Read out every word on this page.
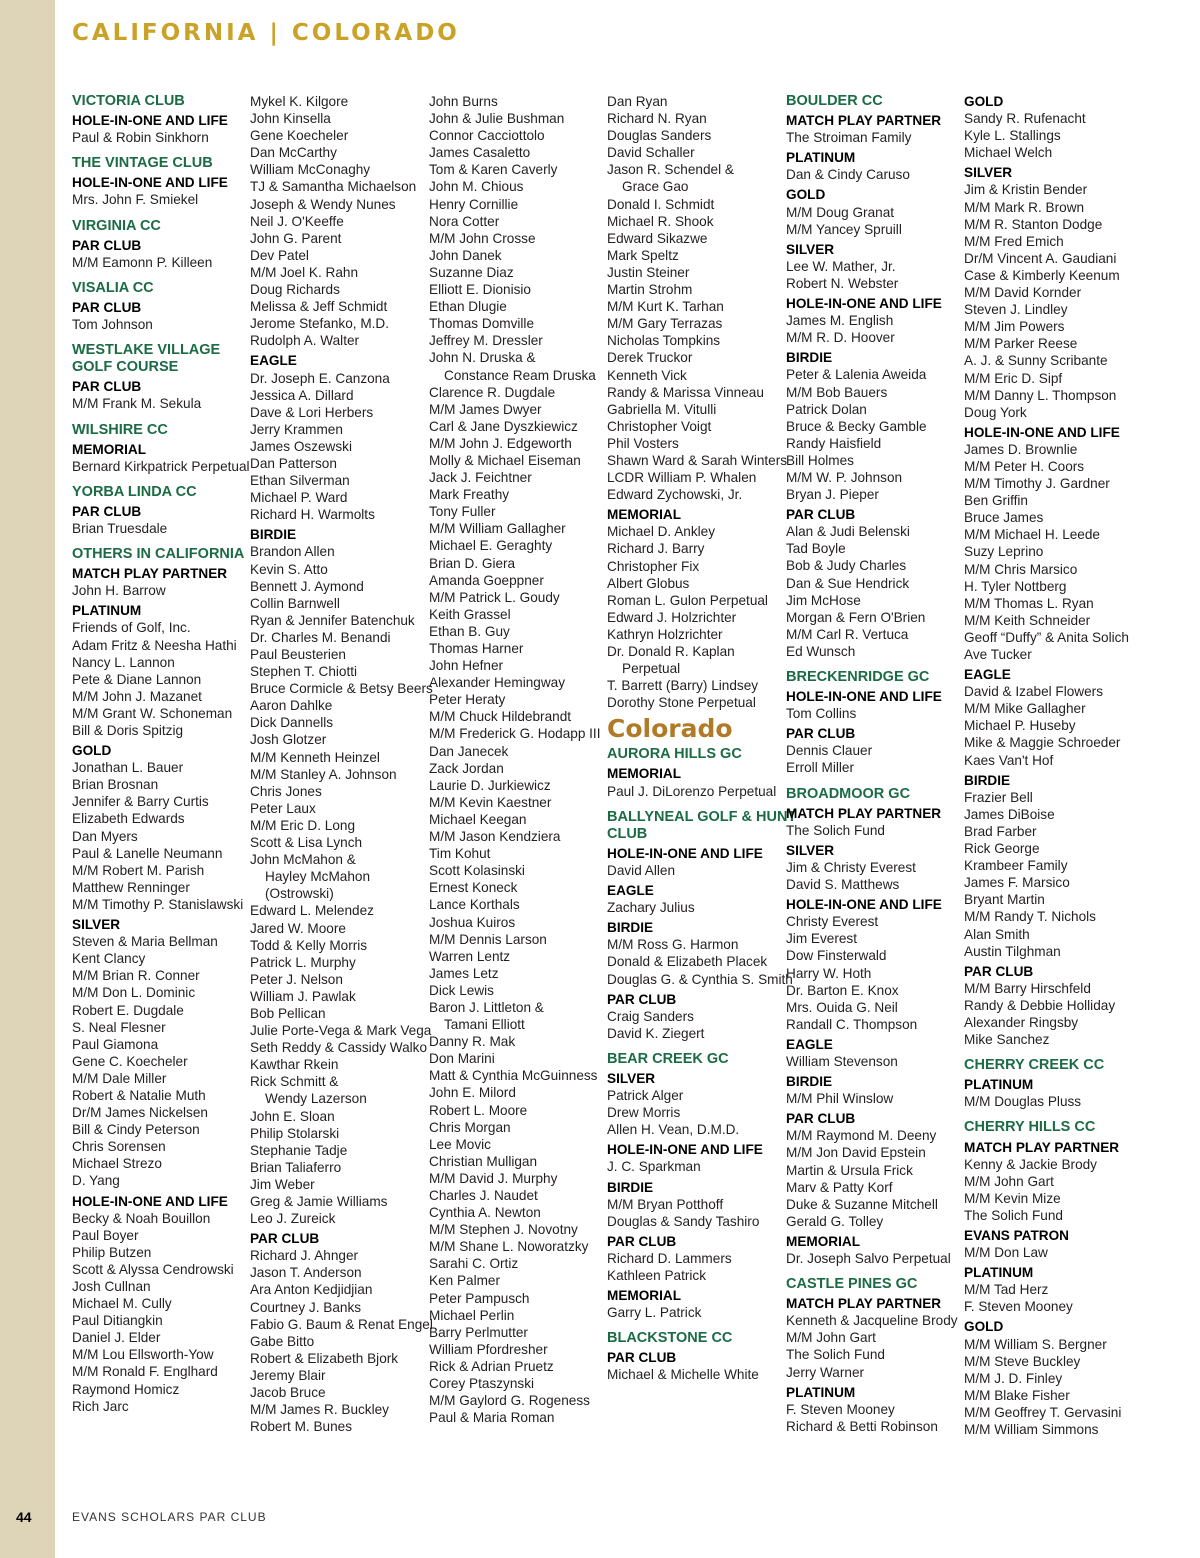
CALIFORNIA | COLORADO
VICTORIA CLUB
HOLE-IN-ONE AND LIFE
Paul & Robin Sinkhorn
THE VINTAGE CLUB
HOLE-IN-ONE AND LIFE
Mrs. John F. Smiekel
VIRGINIA CC
PAR CLUB
M/M Eamonn P. Killeen
VISALIA CC
PAR CLUB
Tom Johnson
WESTLAKE VILLAGE
GOLF COURSE
PAR CLUB
M/M Frank M. Sekula
WILSHIRE CC
MEMORIAL
Bernard Kirkpatrick Perpetual
YORBA LINDA CC
PAR CLUB
Brian Truesdale
OTHERS IN CALIFORNIA
MATCH PLAY PARTNER
John H. Barrow
PLATINUM
Friends of Golf, Inc.
Adam Fritz & Neesha Hathi
Nancy L. Lannon
Pete & Diane Lannon
M/M John J. Mazanet
M/M Grant W. Schoneman
Bill & Doris Spitzig
GOLD
Jonathan L. Bauer
Brian Brosnan
Jennifer & Barry Curtis
Elizabeth Edwards
Dan Myers
Paul & Lanelle Neumann
M/M Robert M. Parish
Matthew Renninger
M/M Timothy P. Stanislawski
SILVER
Steven & Maria Bellman
Kent Clancy
M/M Brian R. Conner
M/M Don L. Dominic
Robert E. Dugdale
S. Neal Flesner
Paul Giamona
Gene C. Koecheler
M/M Dale Miller
Robert & Natalie Muth
Dr/M James Nickelsen
Bill & Cindy Peterson
Chris Sorensen
Michael Strezo
D. Yang
HOLE-IN-ONE AND LIFE
Becky & Noah Bouillon
Paul Boyer
Philip Butzen
Scott & Alyssa Cendrowski
Josh Cullnan
Michael M. Cully
Paul Ditiangkin
Daniel J. Elder
M/M Lou Ellsworth-Yow
M/M Ronald F. Englhard
Raymond Homicz
Rich Jarc
Mykel K. Kilgore
John Kinsella
Gene Koecheler
Dan McCarthy
William McConaghy
TJ & Samantha Michaelson
Joseph & Wendy Nunes
Neil J. O'Keeffe
John G. Parent
Dev Patel
M/M Joel K. Rahn
Doug Richards
Melissa & Jeff Schmidt
Jerome Stefanko, M.D.
Rudolph A. Walter
EAGLE
Dr. Joseph E. Canzona
Jessica A. Dillard
Dave & Lori Herbers
Jerry Krammen
James Oszewski
Dan Patterson
Ethan Silverman
Michael P. Ward
Richard H. Warmolts
BIRDIE
Brandon Allen
Kevin S. Atto
Bennett J. Aymond
Collin Barnwell
Ryan & Jennifer Batenchuk
Dr. Charles M. Benandi
Paul Beusterien
Stephen T. Chiotti
Bruce Cormicle & Betsy Beers
Aaron Dahlke
Dick Dannells
Josh Glotzer
M/M Kenneth Heinzel
M/M Stanley A. Johnson
Chris Jones
Peter Laux
M/M Eric D. Long
Scott & Lisa Lynch
John McMahon &
Hayley McMahon
(Ostrowski)
Edward L. Melendez
Jared W. Moore
Todd & Kelly Morris
Patrick L. Murphy
Peter J. Nelson
William J. Pawlak
Bob Pellican
Julie Porte-Vega & Mark Vega
Seth Reddy & Cassidy Walko
Kawthar Rkein
Rick Schmitt &
Wendy Lazerson
John E. Sloan
Philip Stolarski
Stephanie Tadje
Brian Taliaferro
Jim Weber
Greg & Jamie Williams
Leo J. Zureick
PAR CLUB
Richard J. Ahnger
Jason T. Anderson
Ara Anton Kedjidjian
Courtney J. Banks
Fabio G. Baum & Renat Engel
Gabe Bitto
Robert & Elizabeth Bjork
Jeremy Blair
Jacob Bruce
M/M James R. Buckley
Robert M. Bunes
John Burns
John & Julie Bushman
Connor Cacciottolo
James Casaletto
Tom & Karen Caverly
John M. Chious
Henry Cornillie
Nora Cotter
M/M John Crosse
John Danek
Suzanne Diaz
Elliott E. Dionisio
Ethan Dlugie
Thomas Domville
Jeffrey M. Dressler
John N. Druska &
Constance Ream Druska
Clarence R. Dugdale
M/M James Dwyer
Carl & Jane Dyszkiewicz
M/M John J. Edgeworth
Molly & Michael Eiseman
Jack J. Feichtner
Mark Freathy
Tony Fuller
M/M William Gallagher
Michael E. Geraghty
Brian D. Giera
Amanda Goeppner
M/M Patrick L. Goudy
Keith Grassel
Ethan B. Guy
Thomas Harner
John Hefner
Alexander Hemingway
Peter Heraty
M/M Chuck Hildebrandt
M/M Frederick G. Hodapp III
Dan Janecek
Zack Jordan
Laurie D. Jurkiewicz
M/M Kevin Kaestner
Michael Keegan
M/M Jason Kendziera
Tim Kohut
Scott Kolasinski
Ernest Koneck
Lance Korthals
Joshua Kuiros
M/M Dennis Larson
Warren Lentz
James Letz
Dick Lewis
Baron J. Littleton &
Tamani Elliott
Danny R. Mak
Don Marini
Matt & Cynthia McGuinness
John E. Milord
Robert L. Moore
Chris Morgan
Lee Movic
Christian Mulligan
M/M David J. Murphy
Charles J. Naudet
Cynthia A. Newton
M/M Stephen J. Novotny
M/M Shane L. Noworatzky
Sarahi C. Ortiz
Ken Palmer
Peter Pampusch
Michael Perlin
Barry Perlmutter
William Pfordresher
Rick & Adrian Pruetz
Corey Ptaszynski
M/M Gaylord G. Rogeness
Paul & Maria Roman
Dan Ryan
Richard N. Ryan
Douglas Sanders
David Schaller
Jason R. Schendel &
Grace Gao
Donald I. Schmidt
Michael R. Shook
Edward Sikazwe
Mark Speltz
Justin Steiner
Martin Strohm
M/M Kurt K. Tarhan
M/M Gary Terrazas
Nicholas Tompkins
Derek Truckor
Kenneth Vick
Randy & Marissa Vinneau
Gabriella M. Vitulli
Christopher Voigt
Phil Vosters
Shawn Ward & Sarah Winters
LCDR William P. Whalen
Edward Zychowski, Jr.
MEMORIAL
Michael D. Ankley
Richard J. Barry
Christopher Fix
Albert Globus
Roman L. Gulon Perpetual
Edward J. Holzrichter
Kathryn Holzrichter
Dr. Donald R. Kaplan
Perpetual
T. Barrett (Barry) Lindsey
Dorothy Stone Perpetual
Colorado
AURORA HILLS GC
MEMORIAL
Paul J. DiLorenzo Perpetual
BALLYNEAL GOLF & HUNT
CLUB
HOLE-IN-ONE AND LIFE
David Allen
EAGLE
Zachary Julius
BIRDIE
M/M Ross G. Harmon
Donald & Elizabeth Placek
Douglas G. & Cynthia S. Smith
PAR CLUB
Craig Sanders
David K. Ziegert
BEAR CREEK GC
SILVER
Patrick Alger
Drew Morris
Allen H. Vean, D.M.D.
HOLE-IN-ONE AND LIFE
J. C. Sparkman
BIRDIE
M/M Bryan Potthoff
Douglas & Sandy Tashiro
PAR CLUB
Richard D. Lammers
Kathleen Patrick
MEMORIAL
Garry L. Patrick
BLACKSTONE CC
PAR CLUB
Michael & Michelle White
BOULDER CC
MATCH PLAY PARTNER
The Stroiman Family
PLATINUM
Dan & Cindy Caruso
GOLD
M/M Doug Granat
M/M Yancey Spruill
SILVER
Lee W. Mather, Jr.
Robert N. Webster
HOLE-IN-ONE AND LIFE
James M. English
M/M R. D. Hoover
BIRDIE
Peter & Lalenia Aweida
M/M Bob Bauers
Patrick Dolan
Bruce & Becky Gamble
Randy Haisfield
Bill Holmes
M/M W. P. Johnson
Bryan J. Pieper
PAR CLUB
Alan & Judi Belenski
Tad Boyle
Bob & Judy Charles
Dan & Sue Hendrick
Jim McHose
Morgan & Fern O'Brien
M/M Carl R. Vertuca
Ed Wunsch
BRECKENRIDGE GC
HOLE-IN-ONE AND LIFE
Tom Collins
PAR CLUB
Dennis Clauer
Erroll Miller
BROADMOOR GC
MATCH PLAY PARTNER
The Solich Fund
SILVER
Jim & Christy Everest
David S. Matthews
HOLE-IN-ONE AND LIFE
Christy Everest
Jim Everest
Dow Finsterwald
Harry W. Hoth
Dr. Barton E. Knox
Mrs. Ouida G. Neil
Randall C. Thompson
EAGLE
William Stevenson
BIRDIE
M/M Phil Winslow
PAR CLUB
M/M Raymond M. Deeny
M/M Jon David Epstein
Martin & Ursula Frick
Marv & Patty Korf
Duke & Suzanne Mitchell
Gerald G. Tolley
MEMORIAL
Dr. Joseph Salvo Perpetual
CASTLE PINES GC
MATCH PLAY PARTNER
Kenneth & Jacqueline Brody
M/M John Gart
The Solich Fund
Jerry Warner
PLATINUM
F. Steven Mooney
Richard & Betti Robinson
GOLD
Sandy R. Rufenacht
Kyle L. Stallings
Michael Welch
SILVER
Jim & Kristin Bender
M/M Mark R. Brown
M/M R. Stanton Dodge
M/M Fred Emich
Dr/M Vincent A. Gaudiani
Case & Kimberly Keenum
M/M David Kornder
Steven J. Lindley
M/M Jim Powers
M/M Parker Reese
A. J. & Sunny Scribante
M/M Eric D. Sipf
M/M Danny L. Thompson
Doug York
HOLE-IN-ONE AND LIFE
James D. Brownlie
M/M Peter H. Coors
M/M Timothy J. Gardner
Ben Griffin
Bruce James
M/M Michael H. Leede
Suzy Leprino
M/M Chris Marsico
H. Tyler Nottberg
M/M Thomas L. Ryan
M/M Keith Schneider
Geoff “Duffy” & Anita Solich
Ave Tucker
EAGLE
David & Izabel Flowers
M/M Mike Gallagher
Michael P. Huseby
Mike & Maggie Schroeder
Kaes Van't Hof
BIRDIE
Frazier Bell
James DiBoise
Brad Farber
Rick George
Krambeer Family
James F. Marsico
Bryant Martin
M/M Randy T. Nichols
Alan Smith
Austin Tilghman
PAR CLUB
M/M Barry Hirschfeld
Randy & Debbie Holliday
Alexander Ringsby
Mike Sanchez
CHERRY CREEK CC
PLATINUM
M/M Douglas Pluss
CHERRY HILLS CC
MATCH PLAY PARTNER
Kenny & Jackie Brody
M/M John Gart
M/M Kevin Mize
The Solich Fund
EVANS PATRON
M/M Don Law
PLATINUM
M/M Tad Herz
F. Steven Mooney
GOLD
M/M William S. Bergner
M/M Steve Buckley
M/M J. D. Finley
M/M Blake Fisher
M/M Geoffrey T. Gervasini
M/M William Simmons
44	EVANS SCHOLARS PAR CLUB
